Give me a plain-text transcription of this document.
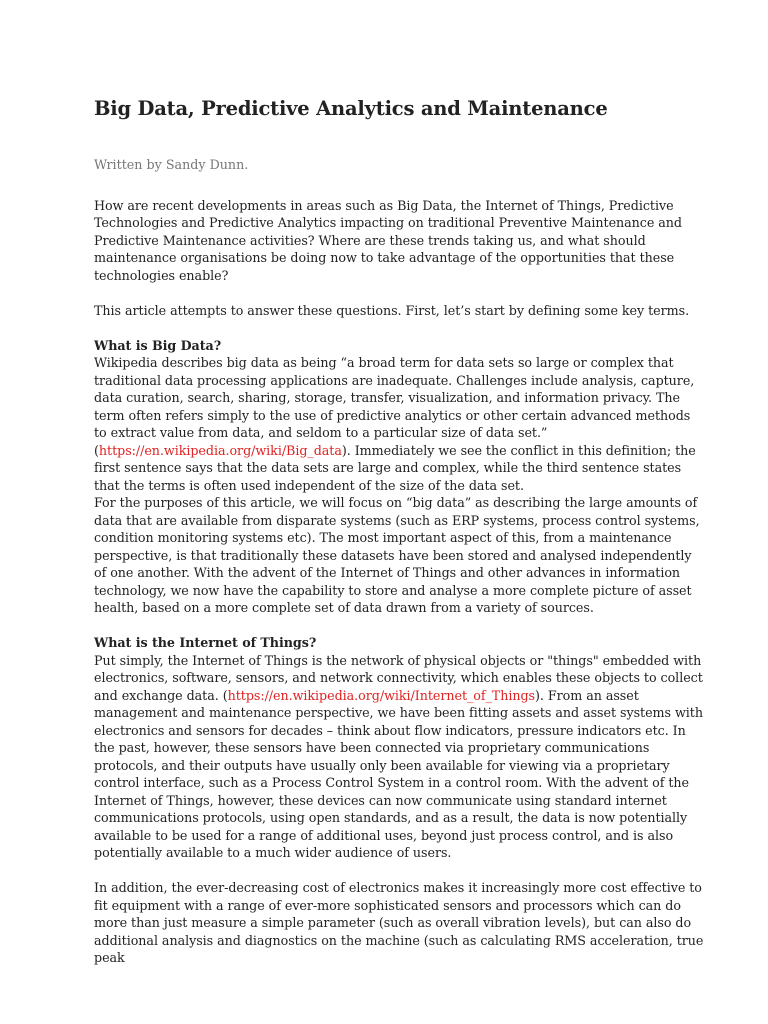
Big Data, Predictive Analytics and Maintenance
Written by Sandy Dunn.

How are recent developments in areas such as Big Data, the Internet of Things, Predictive Technologies and Predictive Analytics impacting on traditional Preventive Maintenance and Predictive Maintenance activities? Where are these trends taking us, and what should maintenance organisations be doing now to take advantage of the opportunities that these technologies enable?

This article attempts to answer these questions. First, let’s start by defining some key terms.

What is Big Data?

Wikipedia describes big data as being “a broad term for data sets so large or complex that traditional data processing applications are inadequate. Challenges include analysis, capture, data curation, search, sharing, storage, transfer, visualization, and information privacy. The term often refers simply to the use of predictive analytics or other certain advanced methods to extract value from data, and seldom to a particular size of data set.”
(https://en.wikipedia.org/wiki/Big_data). Immediately we see the conflict in this definition; the first sentence says that the data sets are large and complex, while the third sentence states that the terms is often used independent of the size of the data set.

For the purposes of this article, we will focus on “big data” as describing the large amounts of data that are available from disparate systems (such as ERP systems, process control systems, condition monitoring systems etc). The most important aspect of this, from a maintenance perspective, is that traditionally these datasets have been stored and analysed independently of one another. With the advent of the Internet of Things and other advances in information technology, we now have the capability to store and analyse a more complete picture of asset health, based on a more complete set of data drawn from a variety of sources.

What is the Internet of Things?

Put simply, the Internet of Things is the network of physical objects or "things" embedded with electronics, software, sensors, and network connectivity, which enables these objects to collect and exchange data. (https://en.wikipedia.org/wiki/Internet_of_Things). From an asset management and maintenance perspective, we have been fitting assets and asset systems with electronics and sensors for decades – think about flow indicators, pressure indicators etc. In the past, however, these sensors have been connected via proprietary communications protocols, and their outputs have usually only been available for viewing via a proprietary control interface, such as a Process Control System in a control room. With the advent of the Internet of Things, however, these devices can now communicate using standard internet communications protocols, using open standards, and as a result, the data is now potentially available to be used for a range of additional uses, beyond just process control, and is also potentially available to a much wider audience of users.

In addition, the ever-decreasing cost of electronics makes it increasingly more cost effective to fit equipment with a range of ever-more sophisticated sensors and processors which can do more than just measure a simple parameter (such as overall vibration levels), but can also do additional analysis and diagnostics on the machine (such as calculating RMS acceleration, true peak
